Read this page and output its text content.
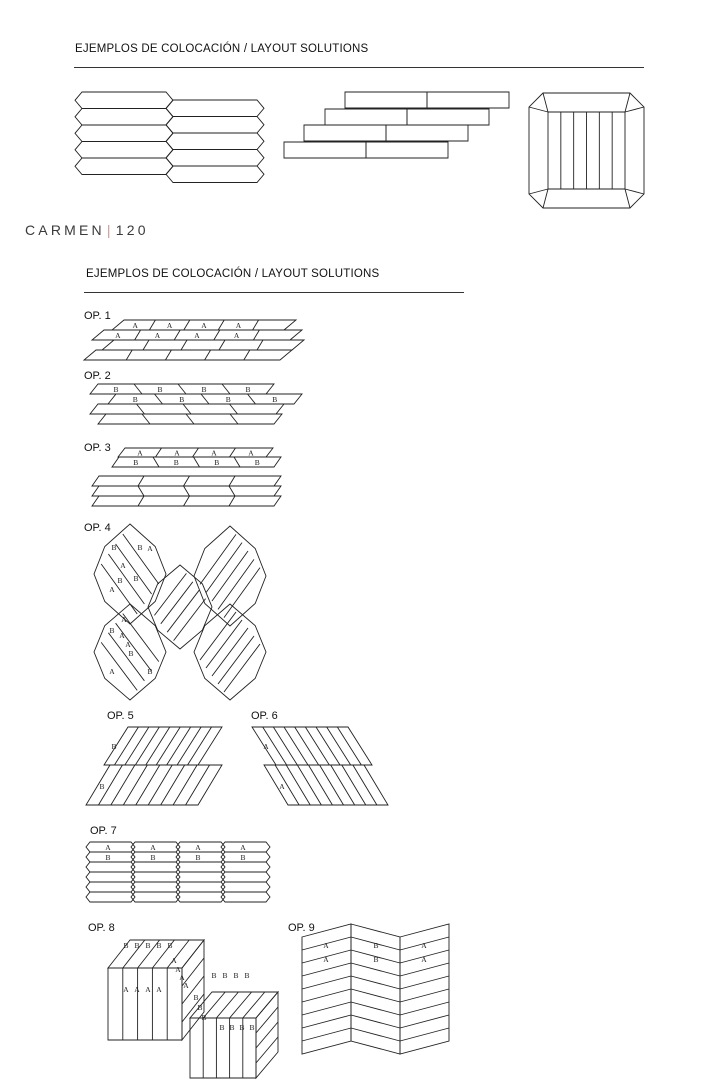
EJEMPLOS DE COLOCACIÓN / LAYOUT SOLUTIONS
CARMEN | 120
EJEMPLOS DE COLOCACIÓN / LAYOUT SOLUTIONS
OP. 1
OP. 2
OP. 3
OP. 4
OP. 5	OP. 6
OP. 7
OP. 8	OP. 9
A	A	A	A
A	A	A	A
B	B	B	B
B	B	B	B
A	A	A	A
B	B	B	B
B	B A
A
B
A
B
B
A
A
B
A	B
A
B
B
A
A
A
B
A
B
A
B
A
B
B B B B B
A A A A
A
A
A
A
B B B B
B
B
B
B B B B
A	B	A
A	B	A
